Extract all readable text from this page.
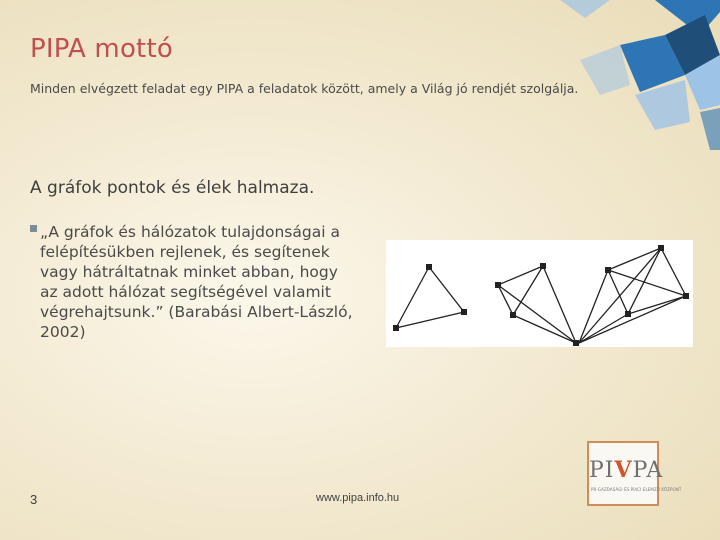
PIPA mottó
Minden elvégzett feladat egy PIPA a feladatok között, amely a Világ jó rendjét szolgálja.
A gráfok pontok és élek halmaza.
„A gráfok és hálózatok tulajdonságai a felépítésükben rejlenek, és segítenek vagy hátráltatnak minket abban, hogy az adott hálózat segítségével valamit végrehajtsunk.” (Barabási Albert-László, 2002)
3	www.pipa.info.hu
PIVPA
PR-GAZDASÁGI ÉS PIACI ELEMZŐ KÖZPONT
